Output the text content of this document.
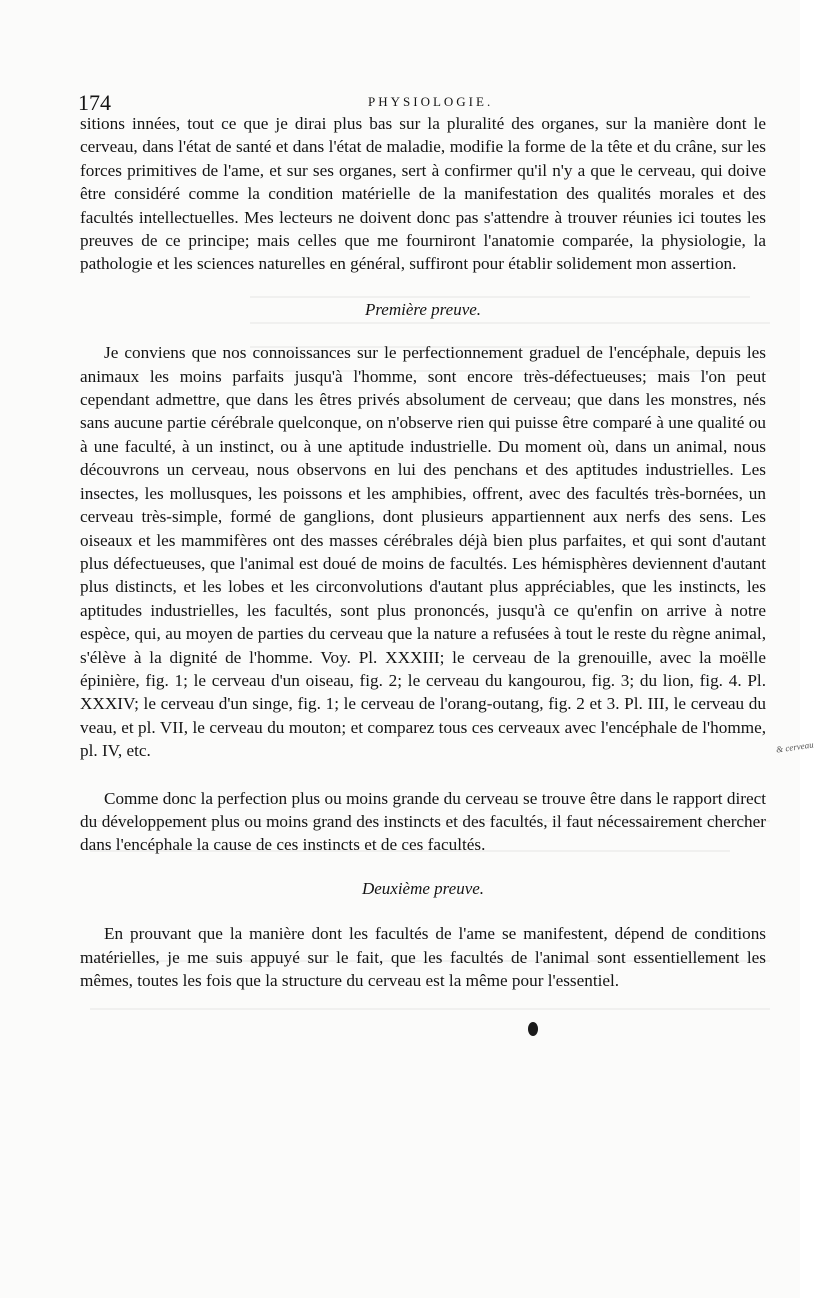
174	PHYSIOLOGIE.

sitions innées, tout ce que je dirai plus bas sur la pluralité des organes, sur la manière dont le cerveau, dans l'état de santé et dans l'état de maladie, modifie la forme de la tête et du crâne, sur les forces primitives de l'ame, et sur ses organes, sert à confirmer qu'il n'y a que le cerveau, qui doive être considéré comme la condition matérielle de la manifestation des qualités morales et des facultés intellectuelles. Mes lecteurs ne doivent donc pas s'attendre à trouver réunies ici toutes les preuves de ce principe; mais celles que me fourniront l'anatomie comparée, la physiologie, la pathologie et les sciences naturelles en général, suffiront pour établir solidement mon assertion.

Première preuve.

Je conviens que nos connoissances sur le perfectionnement graduel de l'encéphale, depuis les animaux les moins parfaits jusqu'à l'homme, sont encore très-défectueuses; mais l'on peut cependant admettre, que dans les êtres privés absolument de cerveau; que dans les monstres, nés sans aucune partie cérébrale quelconque, on n'observe rien qui puisse être comparé à une qualité ou à une faculté, à un instinct, ou à une aptitude industrielle. Du moment où, dans un animal, nous découvrons un cerveau, nous observons en lui des penchans et des aptitudes industrielles. Les insectes, les mollusques, les poissons et les amphibies, offrent, avec des facultés très-bornées, un cerveau très-simple, formé de ganglions, dont plusieurs appartiennent aux nerfs des sens. Les oiseaux et les mammifères ont des masses cérébrales déjà bien plus parfaites, et qui sont d'autant plus défectueuses, que l'animal est doué de moins de facultés. Les hémisphères deviennent d'autant plus distincts, et les lobes et les circonvolutions d'autant plus appréciables, que les instincts, les aptitudes industrielles, les facultés, sont plus prononcés, jusqu'à ce qu'enfin on arrive à notre espèce, qui, au moyen de parties du cerveau que la nature a refusées à tout le reste du règne animal, s'élève à la dignité de l'homme. Voy. Pl. XXXIII; le cerveau de la grenouille, avec la moëlle épinière, fig. 1; le cerveau d'un oiseau, fig. 2; le cerveau du kangourou, fig. 3; du lion, fig. 4. Pl. XXXIV; le cerveau d'un singe, fig. 1; le cerveau de l'orang-outang, fig. 2 et 3. Pl. III, le cerveau du veau, et pl. VII, le cerveau du mouton; et comparez tous ces cerveaux avec l'encéphale de l'homme, pl. IV, etc.

Comme donc la perfection plus ou moins grande du cerveau se trouve être dans le rapport direct du développement plus ou moins grand des instincts et des facultés, il faut nécessairement chercher dans l'encéphale la cause de ces instincts et de ces facultés.

Deuxième preuve.

En prouvant que la manière dont les facultés de l'ame se manifestent, dépend de conditions matérielles, je me suis appuyé sur le fait, que les facultés de l'animal sont essentiellement les mêmes, toutes les fois que la structure du cerveau est la même pour l'essentiel.

& cerveau
